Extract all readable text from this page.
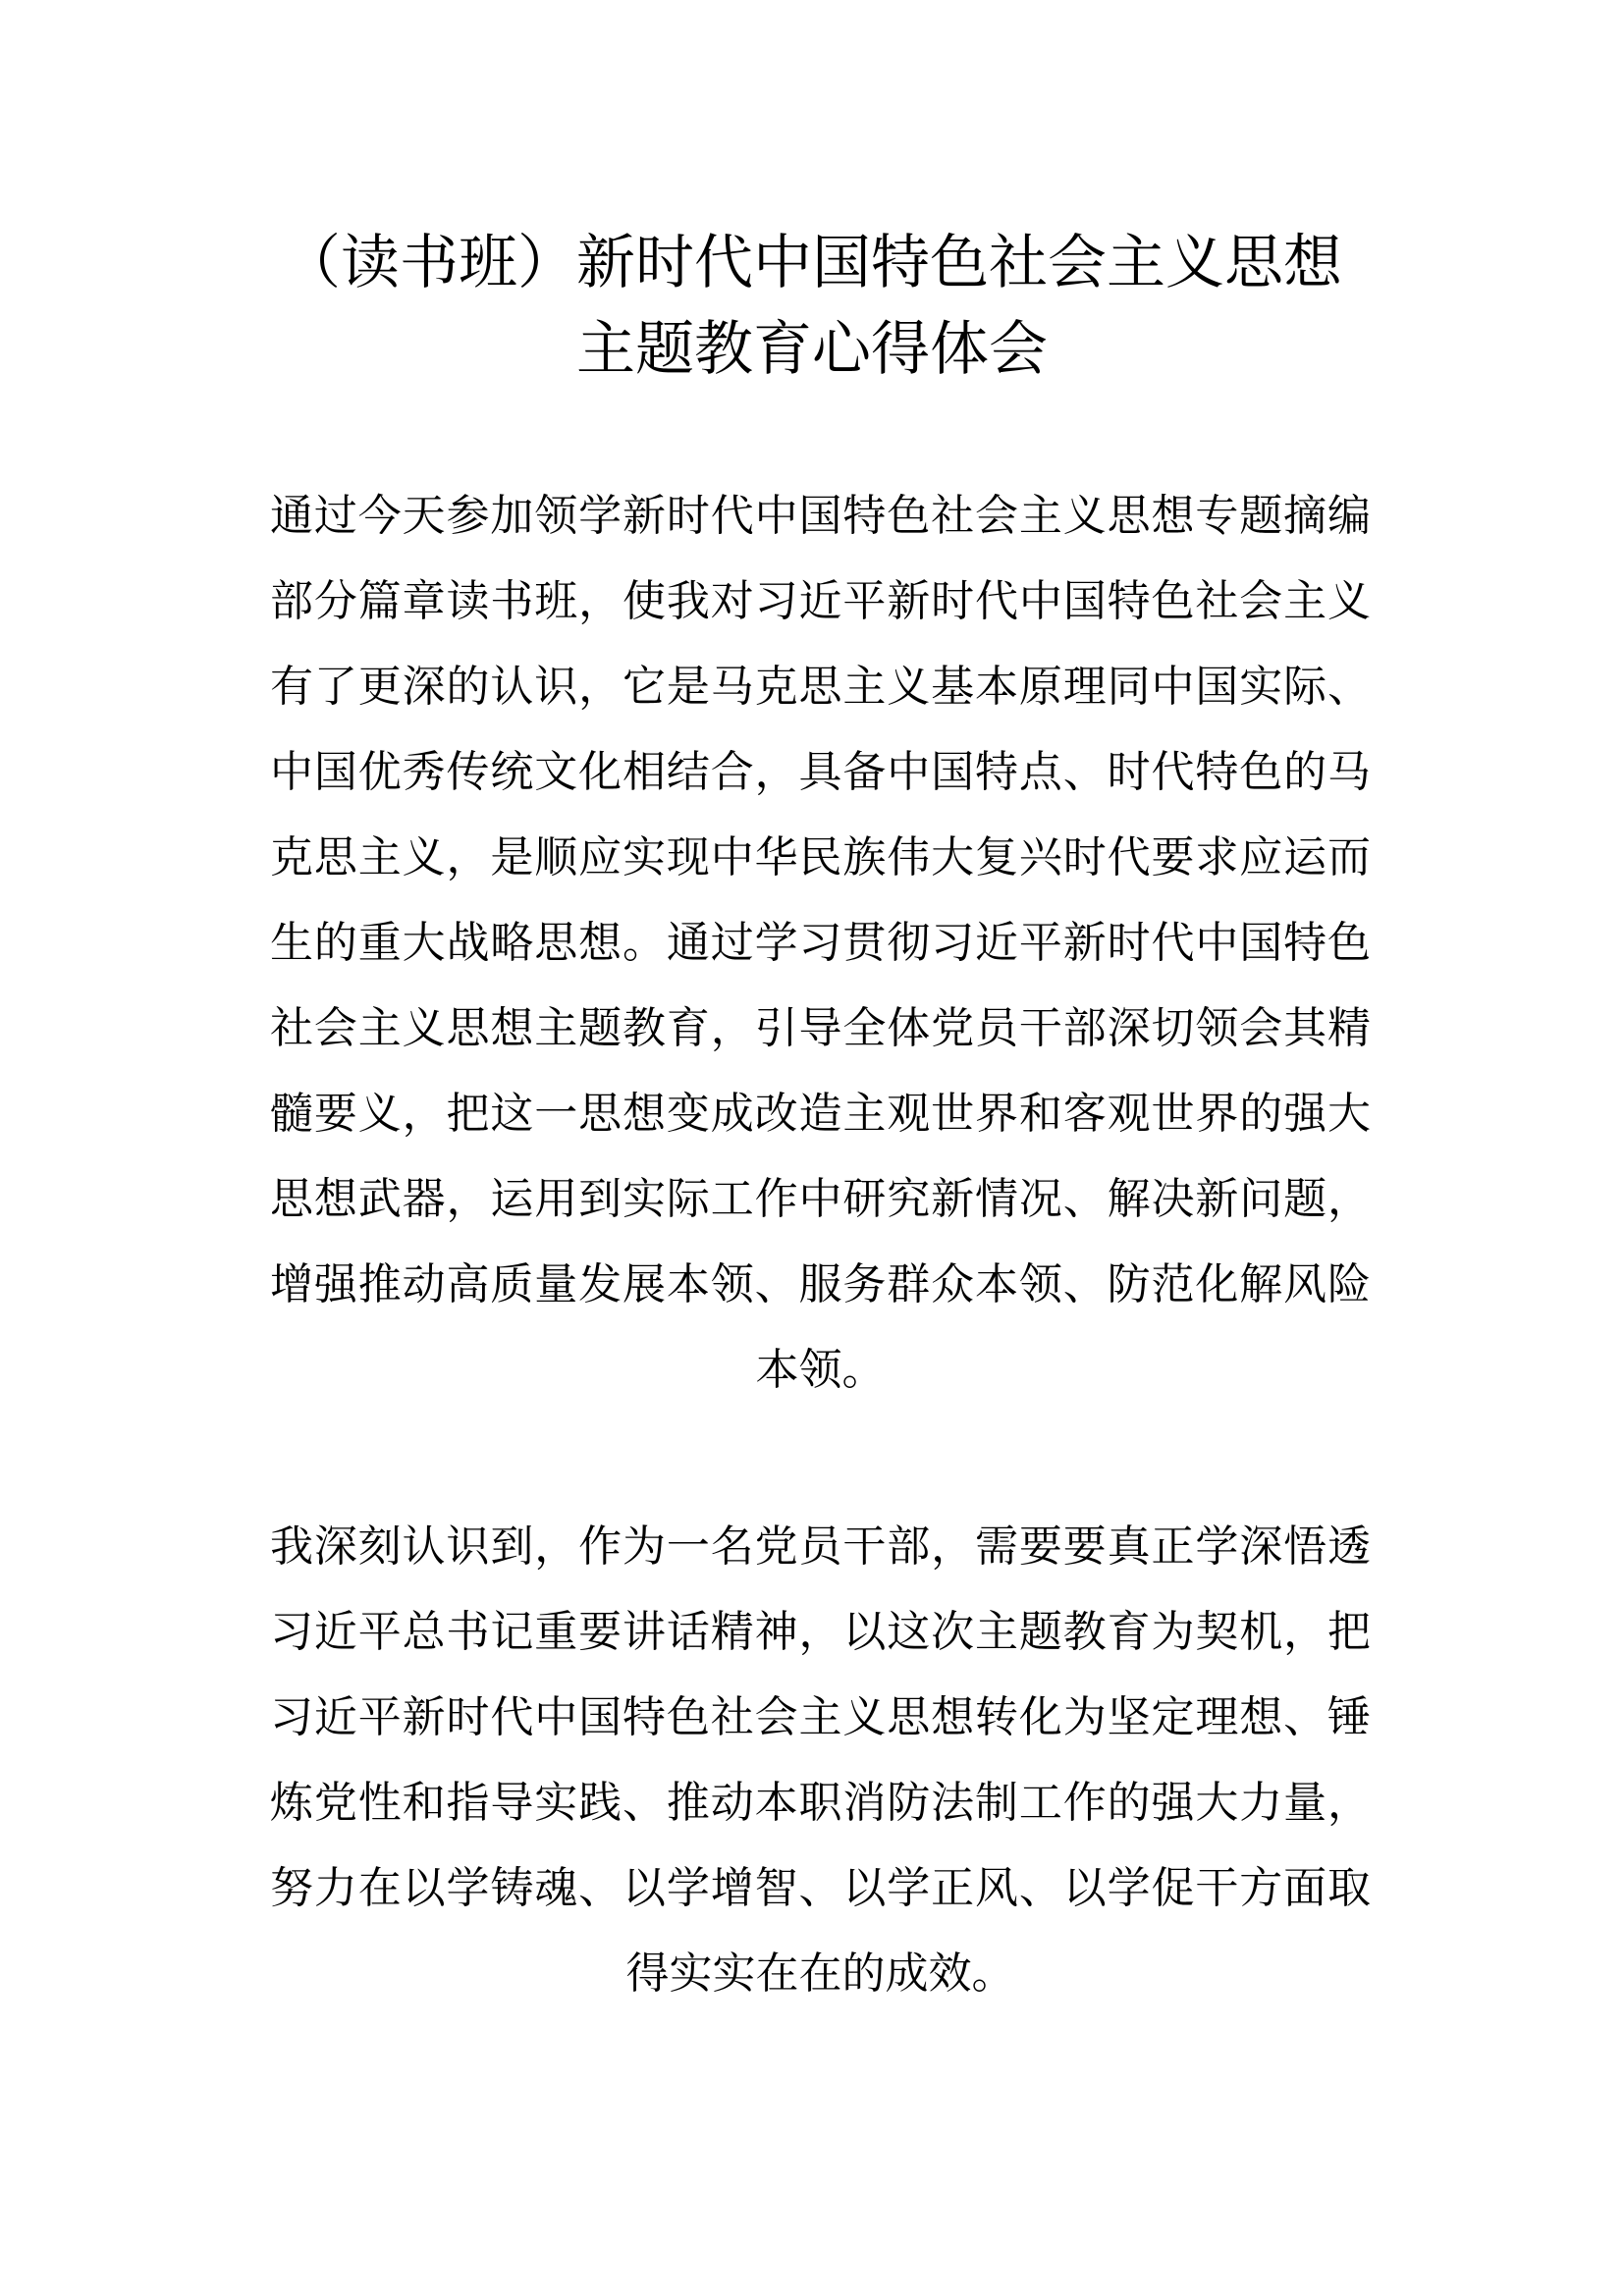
（读书班）新时代中国特色社会主义思想
主题教育心得体会
通过今天参加领学新时代中国特色社会主义思想专题摘编
部分篇章读书班，使我对习近平新时代中国特色社会主义
有了更深的认识，它是马克思主义基本原理同中国实际、
中国优秀传统文化相结合，具备中国特点、时代特色的马
克思主义，是顺应实现中华民族伟大复兴时代要求应运而
生的重大战略思想。通过学习贯彻习近平新时代中国特色
社会主义思想主题教育，引导全体党员干部深切领会其精
髓要义，把这一思想变成改造主观世界和客观世界的强大
思想武器，运用到实际工作中研究新情况、解决新问题，
增强推动高质量发展本领、服务群众本领、防范化解风险
本领。
我深刻认识到，作为一名党员干部，需要要真正学深悟透
习近平总书记重要讲话精神，以这次主题教育为契机，把
习近平新时代中国特色社会主义思想转化为坚定理想、锤
炼党性和指导实践、推动本职消防法制工作的强大力量，
努力在以学铸魂、以学增智、以学正风、以学促干方面取
得实实在在的成效。
